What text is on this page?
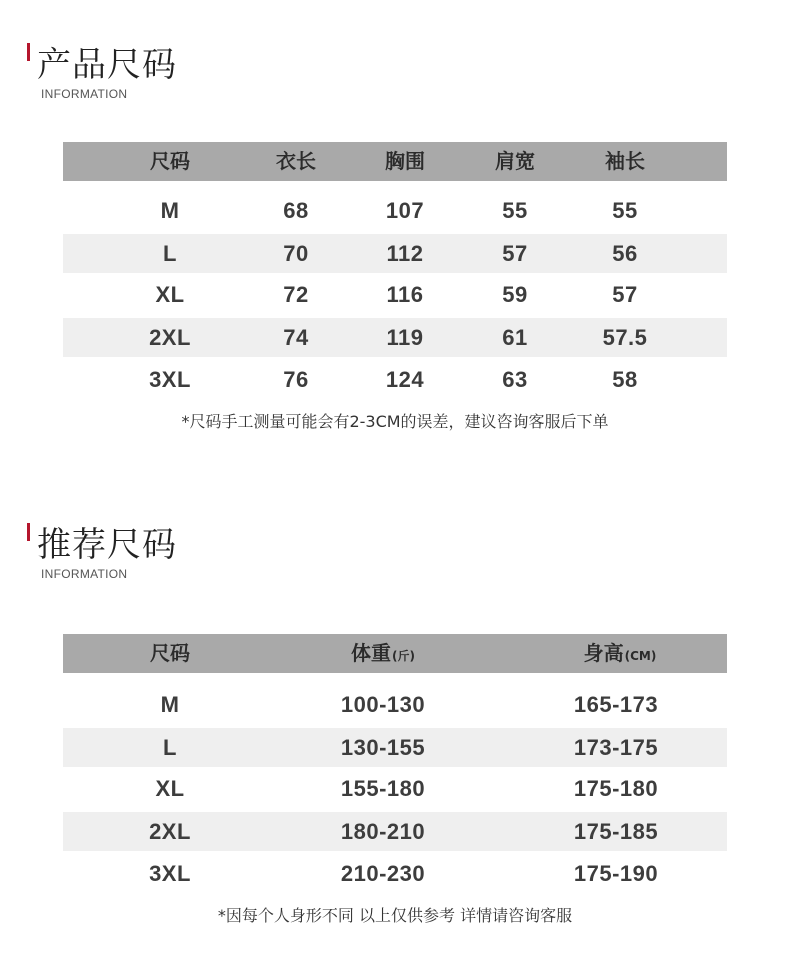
产品尺码
INFORMATION
尺码	衣长	胸围	肩宽	袖长
M	68	107	55	55
L	70	112	57	56
XL	72	116	59	57
2XL	74	119	61	57.5
3XL	76	124	63	58
*尺码手工测量可能会有2-3CM的误差，建议咨询客服后下单
推荐尺码
INFORMATION
尺码	体重(斤)	身高(CM)
M	100-130	165-173
L	130-155	173-175
XL	155-180	175-180
2XL	180-210	175-185
3XL	210-230	175-190
*因每个人身形不同 以上仅供参考 详情请咨询客服
